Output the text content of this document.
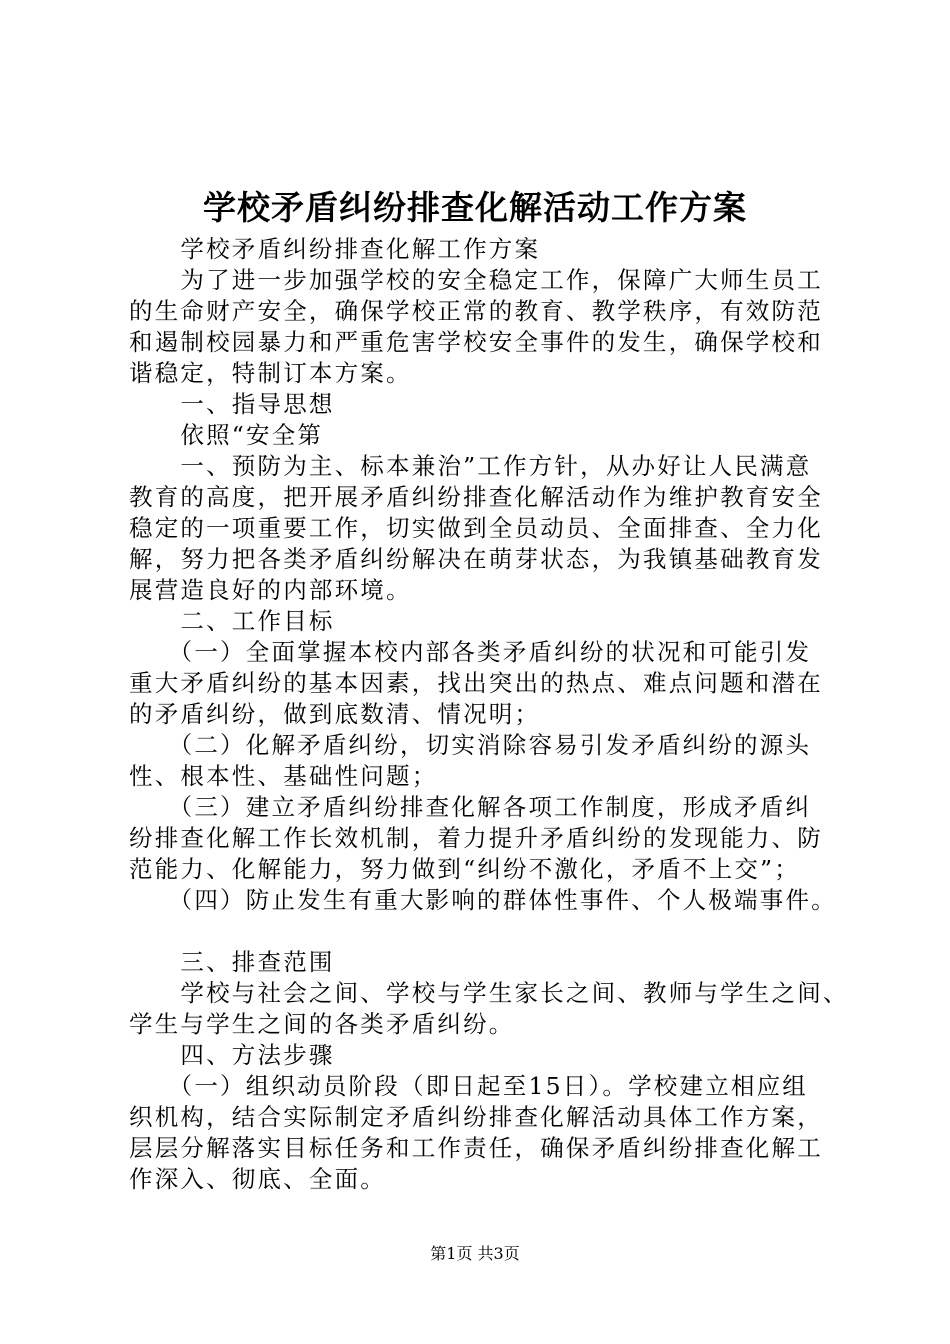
学校矛盾纠纷排查化解活动工作方案
　　学校矛盾纠纷排查化解工作方案
　　为了进一步加强学校的安全稳定工作，保障广大师生员工
的生命财产安全，确保学校正常的教育、教学秩序，有效防范
和遏制校园暴力和严重危害学校安全事件的发生，确保学校和
谐稳定，特制订本方案。
　　一、指导思想
　　依照“安全第
　　一、预防为主、标本兼治”工作方针，从办好让人民满意
教育的高度，把开展矛盾纠纷排查化解活动作为维护教育安全
稳定的一项重要工作，切实做到全员动员、全面排查、全力化
解，努力把各类矛盾纠纷解决在萌芽状态，为我镇基础教育发
展营造良好的内部环境。
　　二、工作目标
　　（一）全面掌握本校内部各类矛盾纠纷的状况和可能引发
重大矛盾纠纷的基本因素，找出突出的热点、难点问题和潜在
的矛盾纠纷，做到底数清、情况明；
　　（二）化解矛盾纠纷，切实消除容易引发矛盾纠纷的源头
性、根本性、基础性问题；
　　（三）建立矛盾纠纷排查化解各项工作制度，形成矛盾纠
纷排查化解工作长效机制，着力提升矛盾纠纷的发现能力、防
范能力、化解能力，努力做到“纠纷不激化，矛盾不上交”；
　　（四）防止发生有重大影响的群体性事件、个人极端事件。
　　三、排查范围
　　学校与社会之间、学校与学生家长之间、教师与学生之间、
学生与学生之间的各类矛盾纠纷。
　　四、方法步骤
　　（一）组织动员阶段（即日起至15日）。学校建立相应组
织机构，结合实际制定矛盾纠纷排查化解活动具体工作方案，
层层分解落实目标任务和工作责任，确保矛盾纠纷排查化解工
作深入、彻底、全面。
第1页 共3页
